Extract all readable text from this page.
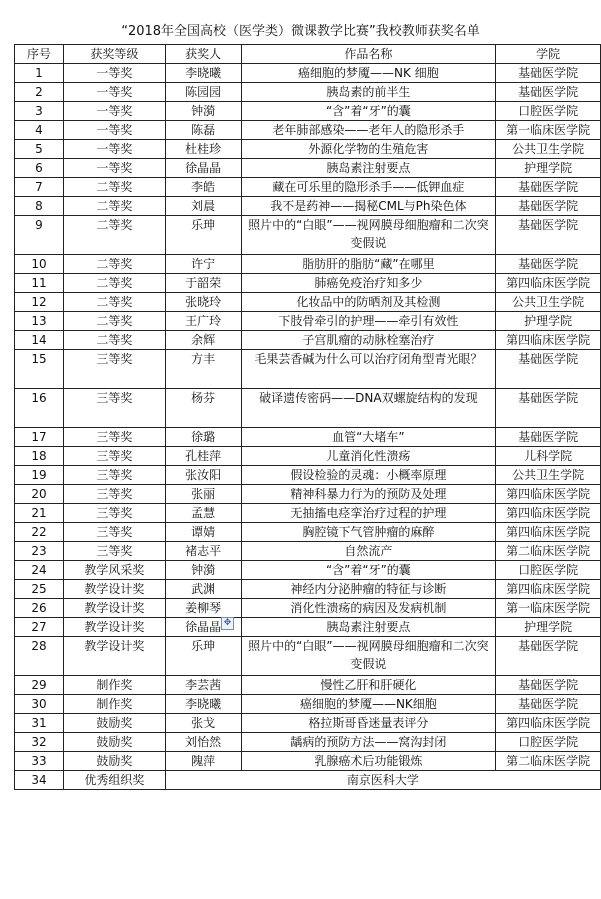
“2018年全国高校（医学类）微课教学比赛”我校教师获奖名单
序号	获奖等级	获奖人	作品名称	学院
1	一等奖	李晓曦	癌细胞的梦魇——NK 细胞	基础医学院
2	一等奖	陈园园	胰岛素的前半生	基础医学院
3	一等奖	钟漪	“含”着“牙”的囊	口腔医学院
4	一等奖	陈磊	老年肺部感染——老年人的隐形杀手	第一临床医学院
5	一等奖	杜桂珍	外源化学物的生殖危害	公共卫生学院
6	一等奖	徐晶晶	胰岛素注射要点	护理学院
7	二等奖	李皓	藏在可乐里的隐形杀手——低钾血症	基础医学院
8	二等奖	刘晨	我不是药神——揭秘CML与Ph染色体	基础医学院
9	二等奖	乐珅	照片中的“白眼”——视网膜母细胞瘤和二次突变假说	基础医学院
10	二等奖	许宁	脂肪肝的脂肪“藏”在哪里	基础医学院
11	二等奖	于韶荣	肺癌免疫治疗知多少	第四临床医学院
12	二等奖	张晓玲	化妆品中的防晒剂及其检测	公共卫生学院
13	二等奖	王广玲	下肢骨牵引的护理——牵引有效性	护理学院
14	二等奖	余辉	子宫肌瘤的动脉栓塞治疗	第四临床医学院
15	三等奖	方丰	毛果芸香碱为什么可以治疗闭角型青光眼？	基础医学院
16	三等奖	杨芬	破译遗传密码——DNA双螺旋结构的发现	基础医学院
17	三等奖	徐璐	血管“大堵车”	基础医学院
18	三等奖	孔桂萍	儿童消化性溃疡	儿科学院
19	三等奖	张汝阳	假设检验的灵魂：小概率原理	公共卫生学院
20	三等奖	张丽	精神科暴力行为的预防及处理	第四临床医学院
21	三等奖	孟慧	无抽搐电痉挛治疗过程的护理	第四临床医学院
22	三等奖	谭婧	胸腔镜下气管肿瘤的麻醉	第四临床医学院
23	三等奖	褚志平	自然流产	第二临床医学院
24	教学风采奖	钟漪	“含”着“牙”的囊	口腔医学院
25	教学设计奖	武渊	神经内分泌肿瘤的特征与诊断	第四临床医学院
26	教学设计奖	姜柳琴	消化性溃疡的病因及发病机制	第一临床医学院
27	教学设计奖	徐晶晶	胰岛素注射要点	护理学院
28	教学设计奖	乐珅	照片中的“白眼”——视网膜母细胞瘤和二次突变假说	基础医学院
29	制作奖	李芸茜	慢性乙肝和肝硬化	基础医学院
30	制作奖	李晓曦	癌细胞的梦魇——NK细胞	基础医学院
31	鼓励奖	张戈	格拉斯哥昏迷量表评分	第四临床医学院
32	鼓励奖	刘怡然	龋病的预防方法——窝沟封闭	口腔医学院
33	鼓励奖	隗萍	乳腺癌术后功能锻炼	第二临床医学院
34	优秀组织奖	南京医科大学		
✥
